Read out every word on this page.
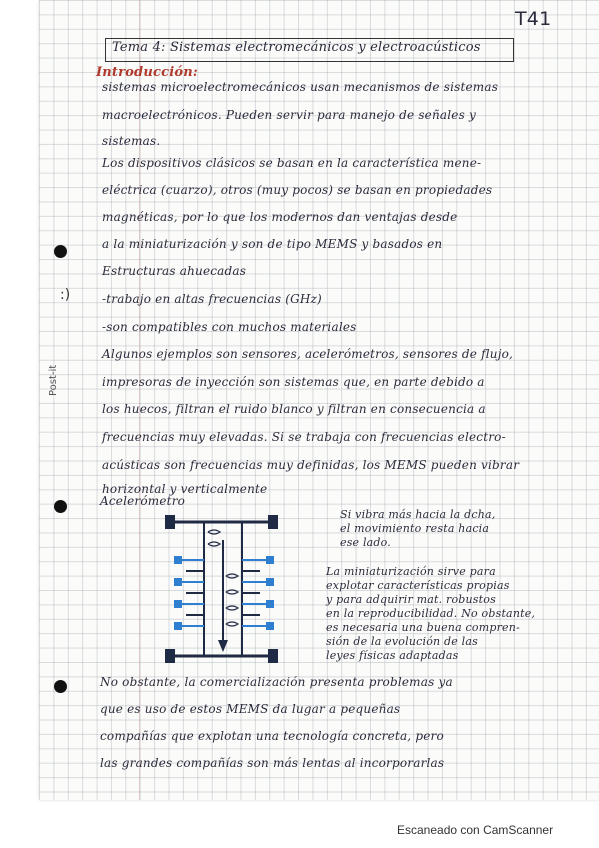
Post-it
:)
T41
Tema 4: Sistemas electromecánicos y electroacústicos
Introducción:
sistemas microelectromecánicos usan mecanismos de sistemas
macroelectrónicos. Pueden servir para manejo de señales y
sistemas.
Los dispositivos clásicos se basan en la característica mene-
eléctrica (cuarzo), otros (muy pocos) se basan en propiedades
magnéticas, por lo que los modernos dan ventajas desde
a la miniaturización y son de tipo MEMS y basados en
Estructuras ahuecadas
-trabajo en altas frecuencias (GHz)
-son compatibles con muchos materiales
Algunos ejemplos son sensores, acelerómetros, sensores de flujo,
impresoras de inyección son sistemas que, en parte debido a
los huecos, filtran el ruido blanco y filtran en consecuencia a
frecuencias muy elevadas. Si se trabaja con frecuencias electro-
acústicas son frecuencias muy definidas, los MEMS pueden vibrar
horizontal y verticalmente
Acelerómetro
Si vibra más hacia la dcha,
el movimiento resta hacia
ese lado.
La miniaturización sirve para
explotar características propias
y para adquirir mat. robustos
en la reproducibilidad. No obstante,
es necesaria una buena compren-
sión de la evolución de las
leyes físicas adaptadas
No obstante, la comercialización presenta problemas ya
que es uso de estos MEMS da lugar a pequeñas
compañías que explotan una tecnología concreta, pero
las grandes compañías son más lentas al incorporarlas
Escaneado con CamScanner
